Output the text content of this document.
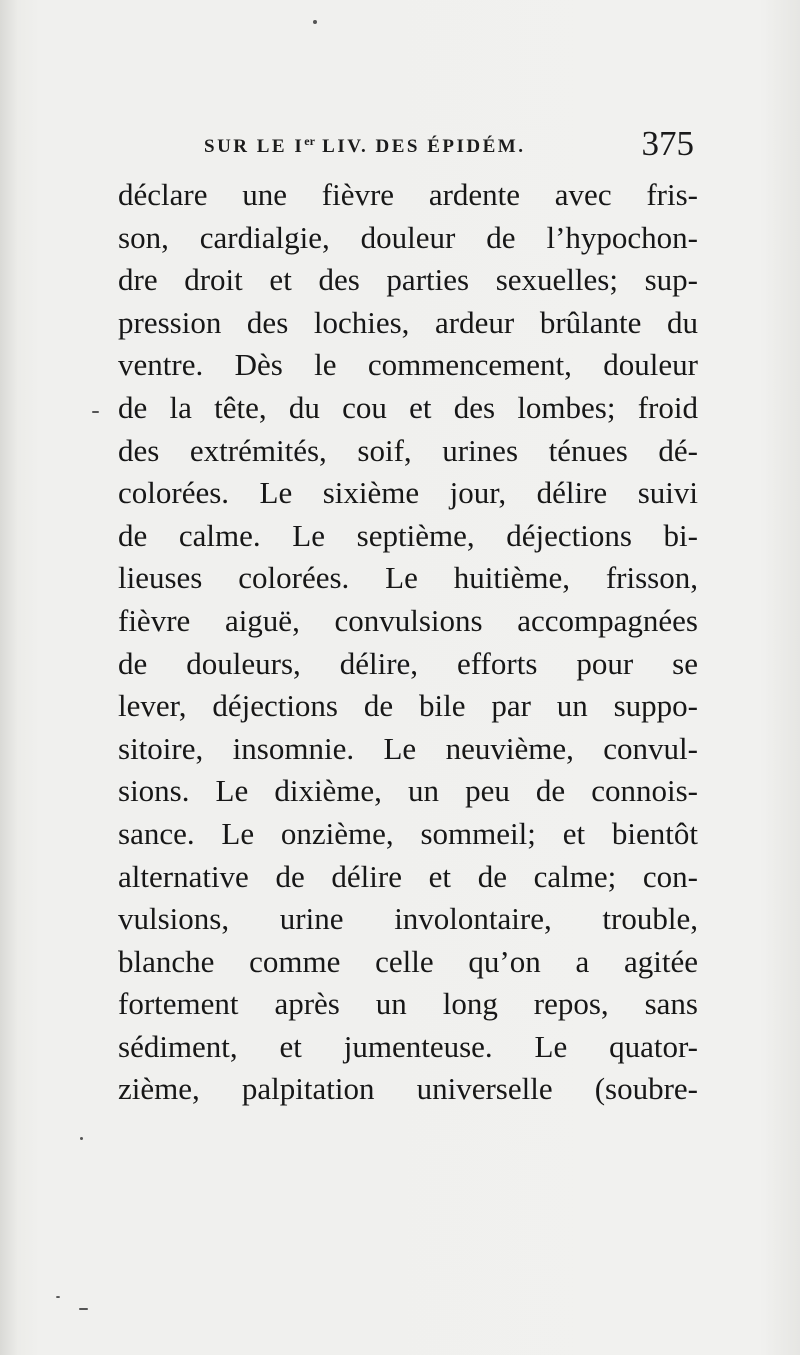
SUR LE Ier LIV. DES ÉPIDÉM.	375
déclare une fièvre ardente avec fris-
son, cardialgie, douleur de l’hypochon-
dre droit et des parties sexuelles; sup-
pression des lochies, ardeur brûlante du
ventre. Dès le commencement, douleur
de la tête, du cou et des lombes; froid
des extrémités, soif, urines ténues dé-
colorées. Le sixième jour, délire suivi
de calme. Le septième, déjections bi-
lieuses colorées. Le huitième, frisson,
fièvre aiguë, convulsions accompagnées
de douleurs, délire, efforts pour se
lever, déjections de bile par un suppo-
sitoire, insomnie. Le neuvième, convul-
sions. Le dixième, un peu de connois-
sance. Le onzième, sommeil; et bientôt
alternative de délire et de calme; con-
vulsions, urine involontaire, trouble,
blanche comme celle qu’on a agitée
fortement après un long repos, sans
sédiment, et jumenteuse. Le quator-
zième, palpitation universelle (soubre-
